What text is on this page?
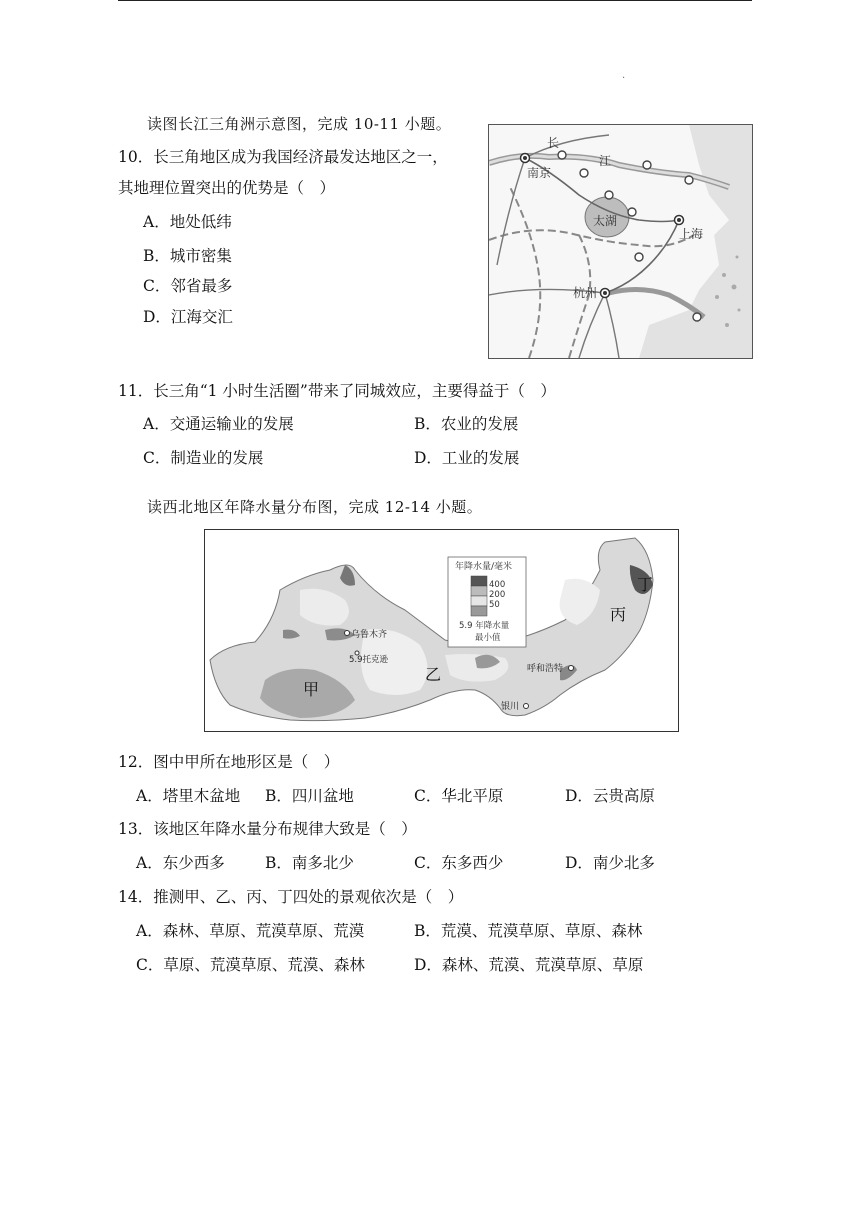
.
读图长江三角洲示意图，完成 10-11 小题。
10．长三角地区成为我国经济最发达地区之一，
其地理位置突出的优势是（　）
A．地处低纬
B．城市密集
C．邻省最多
D．江海交汇
南京
长
江
太湖
上海
杭州
11．长三角“1 小时生活圈”带来了同城效应，主要得益于（　）
A．交通运输业的发展	B．农业的发展
C．制造业的发展	D．工业的发展
读西北地区年降水量分布图，完成 12-14 小题。
年降水量/毫米
400
200
50
5.9 年降水量
最小值
乌鲁木齐
5.9托克逊
甲
乙
丙
丁
呼和浩特
银川
12．图中甲所在地形区是（　）
A．塔里木盆地 B．四川盆地	C．华北平原	D．云贵高原
13．该地区年降水量分布规律大致是（　）
A．东少西多	B．南多北少	C．东多西少	D．南少北多
14．推测甲、乙、丙、丁四处的景观依次是（　）
A．森林、草原、荒漠草原、荒漠	B．荒漠、荒漠草原、草原、森林
C．草原、荒漠草原、荒漠、森林	D．森林、荒漠、荒漠草原、草原
